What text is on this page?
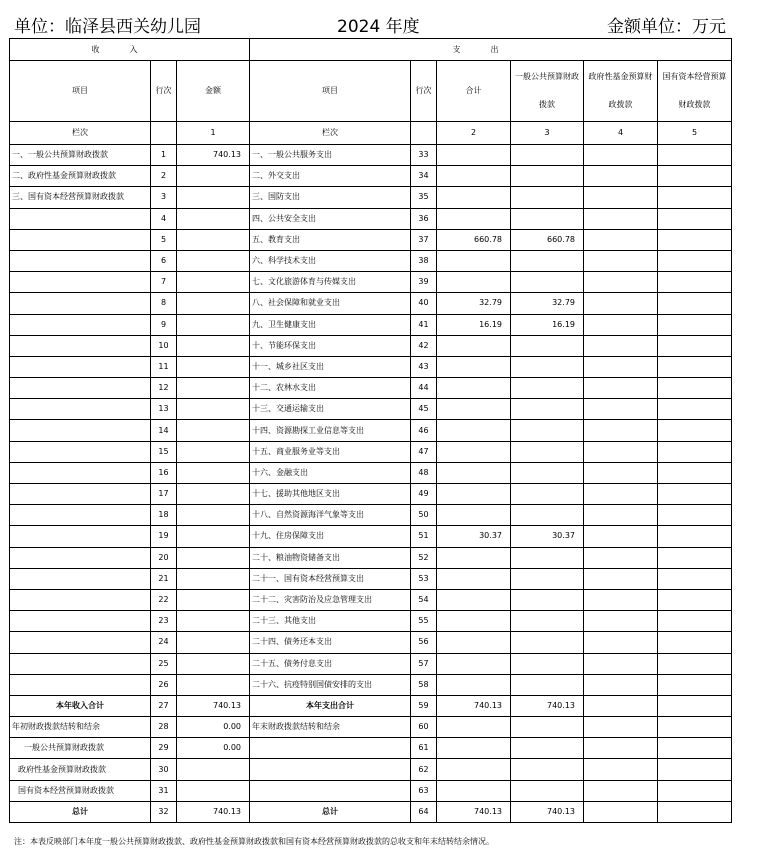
单位：临泽县西关幼儿园	2024 年度	金额单位：万元
收入			支出					
项目	行次	金额	项目	行次	合计	一般公共预算财政拨款	政府性基金预算财政拨款	国有资本经营预算财政拨款
栏次		1	栏次		2	3	4	5
一、一般公共预算财政拨款	1	740.13	一、一般公共服务支出	33				
二、政府性基金预算财政拨款	2		二、外交支出	34				
三、国有资本经营预算财政拨款	3		三、国防支出	35				
	4		四、公共安全支出	36				
	5		五、教育支出	37	660.78	660.78		
	6		六、科学技术支出	38				
	7		七、文化旅游体育与传媒支出	39				
	8		八、社会保障和就业支出	40	32.79	32.79		
	9		九、卫生健康支出	41	16.19	16.19		
	10		十、节能环保支出	42				
	11		十一、城乡社区支出	43				
	12		十二、农林水支出	44				
	13		十三、交通运输支出	45				
	14		十四、资源勘探工业信息等支出	46				
	15		十五、商业服务业等支出	47				
	16		十六、金融支出	48				
	17		十七、援助其他地区支出	49				
	18		十八、自然资源海洋气象等支出	50				
	19		十九、住房保障支出	51	30.37	30.37		
	20		二十、粮油物资储备支出	52				
	21		二十一、国有资本经营预算支出	53				
	22		二十二、灾害防治及应急管理支出	54				
	23		二十三、其他支出	55				
	24		二十四、债务还本支出	56				
	25		二十五、债务付息支出	57				
	26		二十六、抗疫特别国债安排的支出	58				
本年收入合计	27	740.13	本年支出合计	59	740.13	740.13		
年初财政拨款结转和结余	28	0.00	年末财政拨款结转和结余	60				
一般公共预算财政拨款	29	0.00		61				
政府性基金预算财政拨款	30			62				
国有资本经营预算财政拨款	31			63				
总计	32	740.13	总计	64	740.13	740.13		
注：本表反映部门本年度一般公共预算财政拨款、政府性基金预算财政拨款和国有资本经营预算财政拨款的总收支和年末结转结余情况。
